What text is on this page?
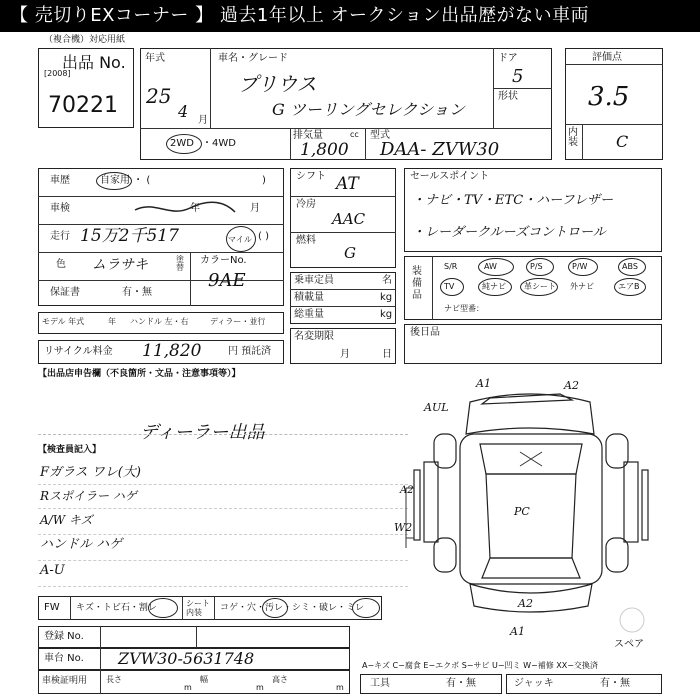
【 売切りEXコーナー 】 過去1年以上 オークション出品歴がない車両
（複合機）対応用紙
出品 No.
[2008]
70221
年式
25
4 月
車名・グレード
プリウス
G ツーリングセレクション
ドア
5
形状
2WD ・4WD
排気量	cc
1,800
型式
DAA- ZVW30
評価点
3.5
内装 C
車歴	自家用 ・ (	)
車検	年	月
走行 15万2千517	マイル ( )
色 ムラサキ	塗替
カラーNo.
9AE
保証書	有・無
モデル 年式	年 ハンドル 左・右	ディラー・並行
リサイクル料金 11,820	円 預託済
シフト AT
冷房
AAC
燃料
G
乗車定員	名
積載量	kg
総重量	kg
名変期限
月	日
セールスポイント
・ナビ・TV・ETC・ハーフレザー
・レーダークルーズコントロール
装備品
S/R	AW	P/S	P/W	ABS
TV	純ナビ 革シート 外ナビ	エアB
ナビ型番：
後日品
【出品店申告欄（不良箇所・文品・注意事項等）】
ディーラー出品
【検査員記入】
Fガラス ワレ(大)
Rスポイラー ハゲ
A/W キズ
ハンドル ハゲ
A-U
A1	A2
AUL
PC
A2
W2
A2
A1
スペア
FW キズ・トビ石・割レ	シート内装	コゲ・穴・汚レ・シミ・破レ・ミレ
登録 No.
車台 No. ZVW30-5631748
車検証明用 長さ
m
幅
m
高さ
m
A−キズ C−腐食 E−エクボ S−サビ U−凹ミ W−補修 XX−交換済
工具	有・無	ジャッキ	有・無
